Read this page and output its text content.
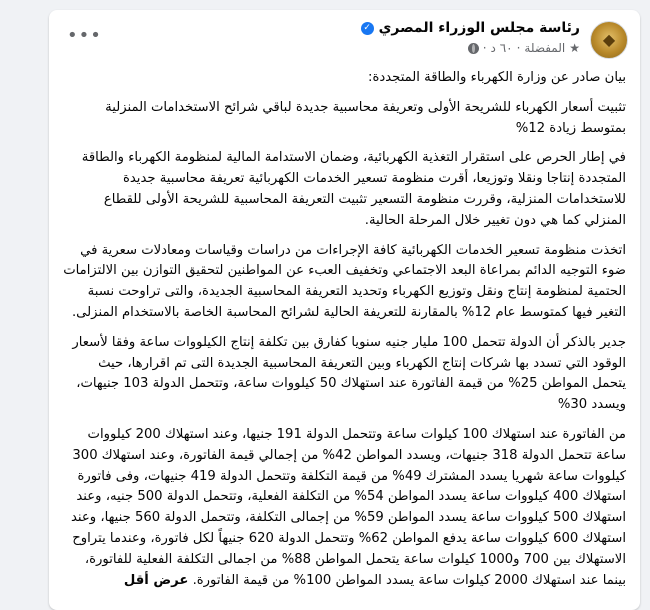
◆
رئاسة مجلس الوزراء المصري
✓
★
المفضلة
·
٦٠ د
·
•••

بيان صادر عن وزارة الكهرباء والطاقة المتجددة:

تثبيت أسعار الكهرباء للشريحة الأولى وتعريفة محاسبية جديدة لباقي شرائح الاستخدامات المنزلية بمتوسط زيادة 12%

في إطار الحرص على استقرار التغذية الكهربائية، وضمان الاستدامة المالية لمنظومة الكهرباء والطاقة المتجددة إنتاجا ونقلا وتوزيعا، أقرت منظومة تسعير الخدمات الكهربائية تعريفة محاسبية جديدة للاستخدامات المنزلية، وقررت منظومة التسعير تثبيت التعريفة المحاسبية للشريحة الأولى للقطاع المنزلي كما هي دون تغيير خلال المرحلة الحالية.

اتخذت منظومة تسعير الخدمات الكهربائية كافة الإجراءات من دراسات وقياسات ومعادلات سعرية في ضوء التوجيه الدائم بمراعاة البعد الاجتماعي وتخفيف العبء عن المواطنين لتحقيق التوازن بين الالتزامات الحتمية لمنظومة إنتاج ونقل وتوزيع الكهرباء وتحديد التعريفة المحاسبية الجديدة، والتى تراوحت نسبة التغير فيها كمتوسط عام 12% بالمقارنة للتعريفة الحالية لشرائح المحاسبة الخاصة بالاستخدام المنزلى.

جدير بالذكر أن الدولة تتحمل 100 مليار جنيه سنويا كفارق بين تكلفة إنتاج الكيلووات ساعة وفقا لأسعار الوقود التي تسدد بها شركات إنتاج الكهرباء وبين التعريفة المحاسبية الجديدة التى تم اقرارها، حيث يتحمل المواطن 25% من قيمة الفاتورة عند استهلاك 50 كيلووات ساعة، وتتحمل الدولة 103 جنيهات، ويسدد 30%

من الفاتورة عند استهلاك 100 كيلوات ساعة وتتحمل الدولة 191 جنيها، وعند استهلاك 200 كيلووات ساعة تتحمل الدولة 318 جنيهات، ويسدد المواطن 42% من إجمالي قيمة الفاتورة، وعند استهلاك 300 كيلووات ساعة شهريا يسدد المشترك 49% من قيمة التكلفة وتتحمل الدولة 419 جنيهات، وفى فاتورة استهلاك 400 كيلووات ساعة يسدد المواطن 54% من التكلفة الفعلية، وتتحمل الدولة 500 جنيه، وعند استهلاك 500 كيلووات ساعة يسدد المواطن 59% من إجمالى التكلفة، وتتحمل الدولة 560 جنيها، وعند استهلاك 600 كيلووات ساعة يدفع المواطن 62% وتتحمل الدولة 620 جنيهاً لكل فاتورة، وعندما يتراوح الاستهلاك بين 700 و1000 كيلوات ساعة يتحمل المواطن 88% من اجمالى التكلفة الفعلية للفاتورة، بينما عند استهلاك 2000 كيلوات ساعة يسدد المواطن 100% من قيمة الفاتورة. عرض أقل
